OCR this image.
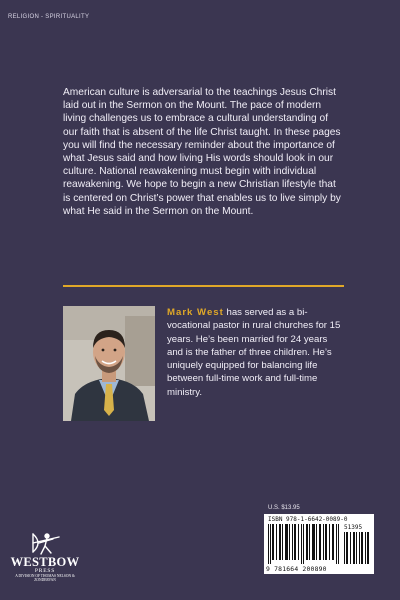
RELIGION - SPIRITUALITY

American culture is adversarial to the teachings Jesus Christ laid out in the Sermon on the Mount. The pace of modern living challenges us to embrace a cultural understanding of our faith that is absent of the life Christ taught. In these pages you will find the necessary reminder about the importance of what Jesus said and how living His words should look in our culture. National reawakening must begin with individual reawakening. We hope to begin a new Christian lifestyle that is centered on Christ’s power that enables us to live simply by what He said in the Sermon on the Mount.

Mark West has served as a bi-vocational pastor in rural churches for 15 years. He’s been married for 24 years and is the father of three children. He’s uniquely equipped for balancing life between full-time work and full-time ministry.

U.S. $13.95
ISBN 978-1-6642-0089-0
51395
9 781664 200890
WESTBOW
PRESS
A DIVISION OF THOMAS NELSON & ZONDERVAN
